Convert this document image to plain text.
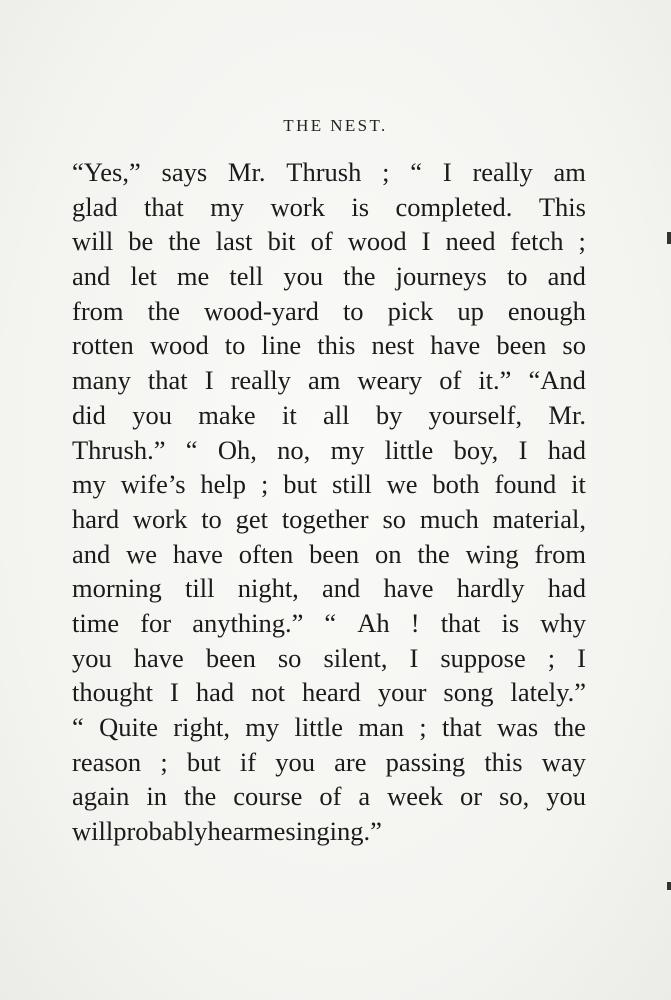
THE NEST.
“Yes,” says Mr. Thrush ; “ I really am
glad that my work is completed. This
will be the last bit of wood I need fetch ;
and let me tell you the journeys to and
from the wood-yard to pick up enough
rotten wood to line this nest have been so
many that I really am weary of it.” “And
did you make it all by yourself, Mr.
Thrush.” “ Oh, no, my little boy, I had
my wife’s help ; but still we both found it
hard work to get together so much material,
and we have often been on the wing from
morning till night, and have hardly had
time for anything.” “ Ah ! that is why
you have been so silent, I suppose ; I
thought I had not heard your song lately.”
“ Quite right, my little man ; that was the
reason ; but if you are passing this way
again in the course of a week or so, you
will probably hear me singing.”
